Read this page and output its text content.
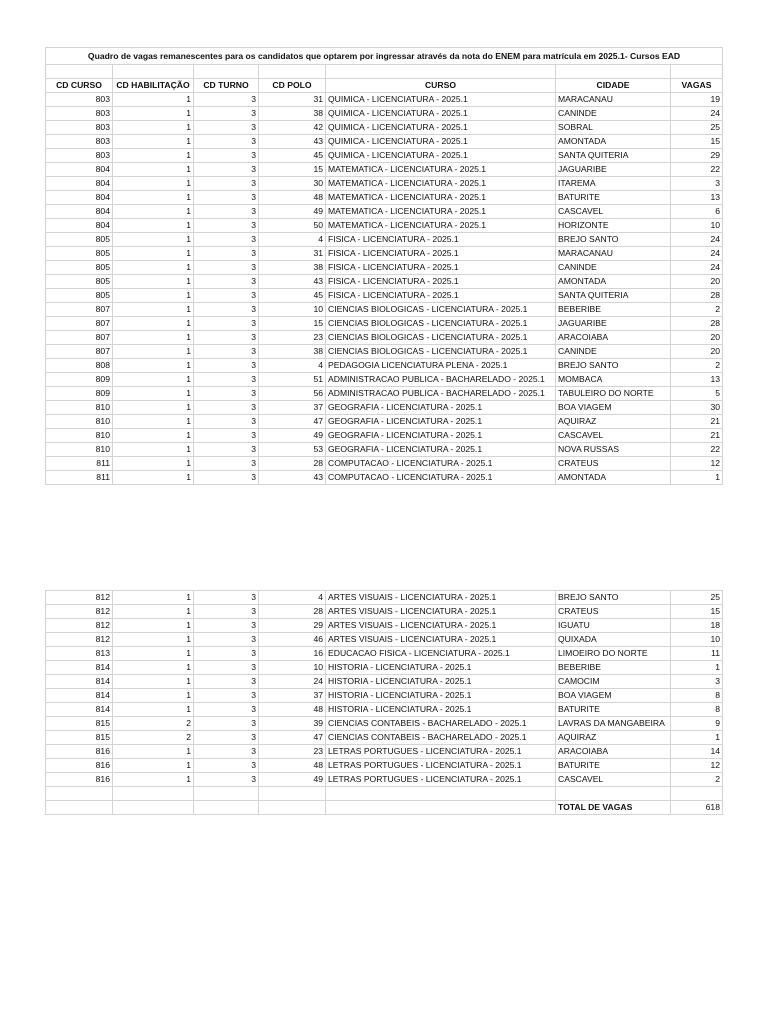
Quadro de vagas remanescentes para os candidatos que optarem por ingressar através da nota do ENEM para matrícula em 2025.1- Cursos EAD						

CD CURSO	CD HABILITAÇÃO	CD TURNO	CD POLO	CURSO	CIDADE	VAGAS
803	1	3	31	QUIMICA - LICENCIATURA - 2025.1	MARACANAU	19
803	1	3	38	QUIMICA - LICENCIATURA - 2025.1	CANINDE	24
803	1	3	42	QUIMICA - LICENCIATURA - 2025.1	SOBRAL	25
803	1	3	43	QUIMICA - LICENCIATURA - 2025.1	AMONTADA	15
803	1	3	45	QUIMICA - LICENCIATURA - 2025.1	SANTA QUITERIA	29
804	1	3	15	MATEMATICA - LICENCIATURA - 2025.1	JAGUARIBE	22
804	1	3	30	MATEMATICA - LICENCIATURA - 2025.1	ITAREMA	3
804	1	3	48	MATEMATICA - LICENCIATURA - 2025.1	BATURITE	13
804	1	3	49	MATEMATICA - LICENCIATURA - 2025.1	CASCAVEL	6
804	1	3	50	MATEMATICA - LICENCIATURA - 2025.1	HORIZONTE	10
805	1	3	4	FISICA - LICENCIATURA - 2025.1	BREJO SANTO	24
805	1	3	31	FISICA - LICENCIATURA - 2025.1	MARACANAU	24
805	1	3	38	FISICA - LICENCIATURA - 2025.1	CANINDE	24
805	1	3	43	FISICA - LICENCIATURA - 2025.1	AMONTADA	20
805	1	3	45	FISICA - LICENCIATURA - 2025.1	SANTA QUITERIA	28
807	1	3	10	CIENCIAS BIOLOGICAS - LICENCIATURA - 2025.1	BEBERIBE	2
807	1	3	15	CIENCIAS BIOLOGICAS - LICENCIATURA - 2025.1	JAGUARIBE	28
807	1	3	23	CIENCIAS BIOLOGICAS - LICENCIATURA - 2025.1	ARACOIABA	20
807	1	3	38	CIENCIAS BIOLOGICAS - LICENCIATURA - 2025.1	CANINDE	20
808	1	3	4	PEDAGOGIA LICENCIATURA PLENA - 2025.1	BREJO SANTO	2
809	1	3	51	ADMINISTRACAO PUBLICA - BACHARELADO - 2025.1	MOMBACA	13
809	1	3	56	ADMINISTRACAO PUBLICA - BACHARELADO - 2025.1	TABULEIRO DO NORTE	5
810	1	3	37	GEOGRAFIA - LICENCIATURA - 2025.1	BOA VIAGEM	30
810	1	3	47	GEOGRAFIA - LICENCIATURA - 2025.1	AQUIRAZ	21
810	1	3	49	GEOGRAFIA - LICENCIATURA - 2025.1	CASCAVEL	21
810	1	3	53	GEOGRAFIA - LICENCIATURA - 2025.1	NOVA RUSSAS	22
811	1	3	28	COMPUTACAO - LICENCIATURA - 2025.1	CRATEUS	12
811	1	3	43	COMPUTACAO - LICENCIATURA - 2025.1	AMONTADA	1
812	1	3	4	ARTES VISUAIS - LICENCIATURA - 2025.1	BREJO SANTO	25
812	1	3	28	ARTES VISUAIS - LICENCIATURA - 2025.1	CRATEUS	15
812	1	3	29	ARTES VISUAIS - LICENCIATURA - 2025.1	IGUATU	18
812	1	3	46	ARTES VISUAIS - LICENCIATURA - 2025.1	QUIXADA	10
813	1	3	16	EDUCACAO FISICA - LICENCIATURA - 2025.1	LIMOEIRO DO NORTE	11
814	1	3	10	HISTORIA - LICENCIATURA - 2025.1	BEBERIBE	1
814	1	3	24	HISTORIA - LICENCIATURA - 2025.1	CAMOCIM	3
814	1	3	37	HISTORIA - LICENCIATURA - 2025.1	BOA VIAGEM	8
814	1	3	48	HISTORIA - LICENCIATURA - 2025.1	BATURITE	8
815	2	3	39	CIENCIAS CONTABEIS - BACHARELADO - 2025.1	LAVRAS DA MANGABEIRA	9
815	2	3	47	CIENCIAS CONTABEIS - BACHARELADO - 2025.1	AQUIRAZ	1
816	1	3	23	LETRAS PORTUGUES - LICENCIATURA - 2025.1	ARACOIABA	14
816	1	3	48	LETRAS PORTUGUES - LICENCIATURA - 2025.1	BATURITE	12
816	1	3	49	LETRAS PORTUGUES - LICENCIATURA - 2025.1	CASCAVEL	2

					TOTAL DE VAGAS	618
